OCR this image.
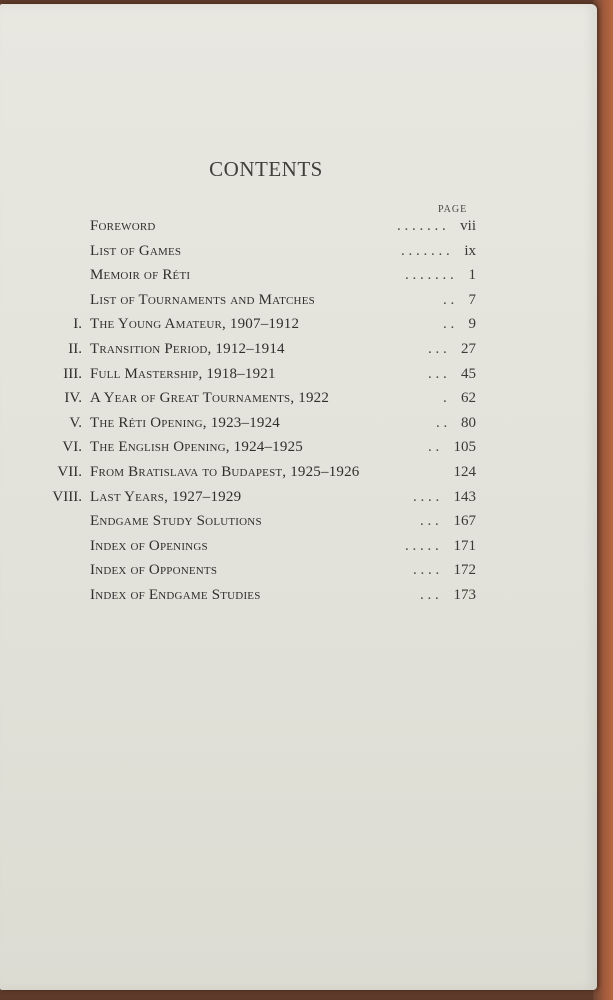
CONTENTS
PAGE
Foreword	. . . . . . . vii
List of Games	. . . . . . . ix
Memoir of Réti	. . . . . . . 1
List of Tournaments and Matches	. . 7
I. The Young Amateur, 1907–1912	. . 9
II. Transition Period, 1912–1914	. . . 27
III. Full Mastership, 1918–1921	. . . 45
IV. A Year of Great Tournaments, 1922	. 62
V. The Réti Opening, 1923–1924	. . 80
VI. The English Opening, 1924–1925	. . 105
VII. From Bratislava to Budapest, 1925–1926	124
VIII. Last Years, 1927–1929	. . . . 143
Endgame Study Solutions	. . . 167
Index of Openings	. . . . . 171
Index of Opponents	. . . . 172
Index of Endgame Studies	. . . 173
